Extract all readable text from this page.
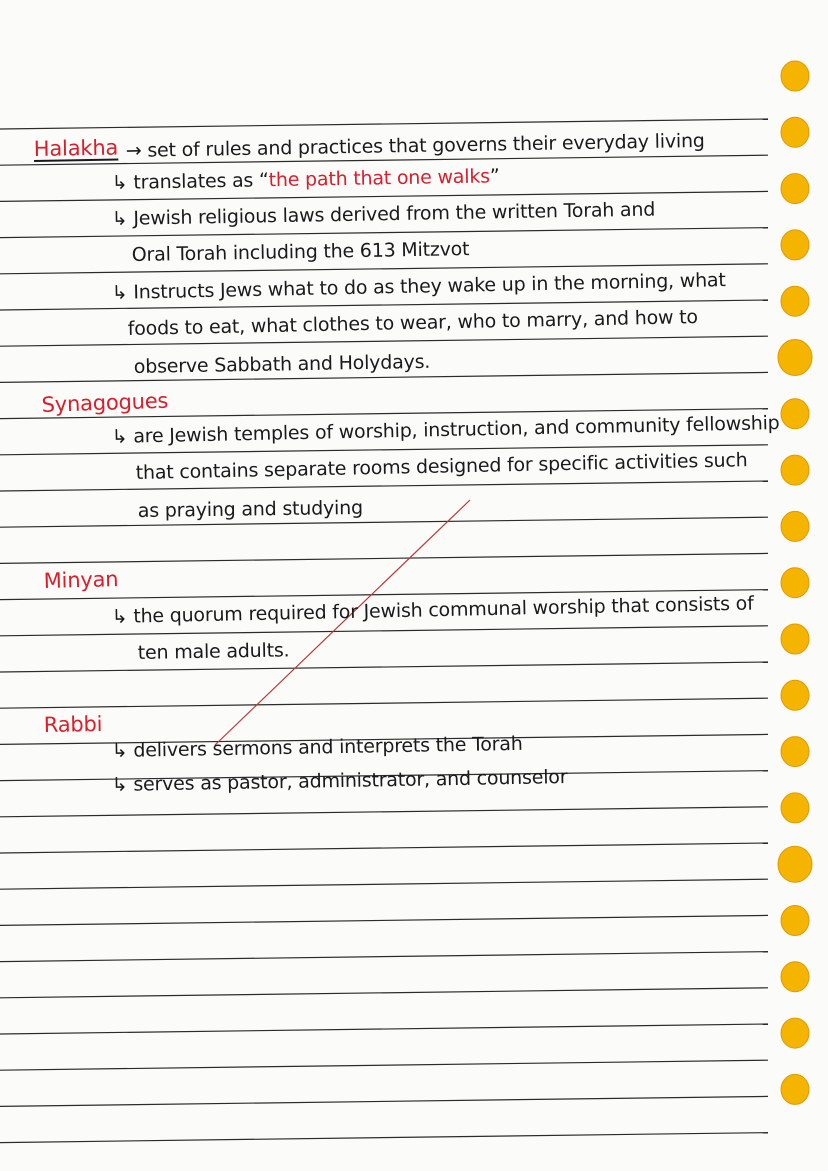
Halakha → set of rules and practices that governs their everyday living
↳ translates as “the path that one walks”
↳ Jewish religious laws derived from the written Torah and
Oral Torah including the 613 Mitzvot
↳ Instructs Jews what to do as they wake up in the morning, what
foods to eat, what clothes to wear, who to marry, and how to
observe Sabbath and Holydays.
Synagogues
↳ are Jewish temples of worship, instruction, and community fellowship
that contains separate rooms designed for specific activities such
as praying and studying
Minyan
↳ the quorum required for Jewish communal worship that consists of
ten male adults.
Rabbi
↳ delivers sermons and interprets the Torah
↳ serves as pastor, administrator, and counselor
